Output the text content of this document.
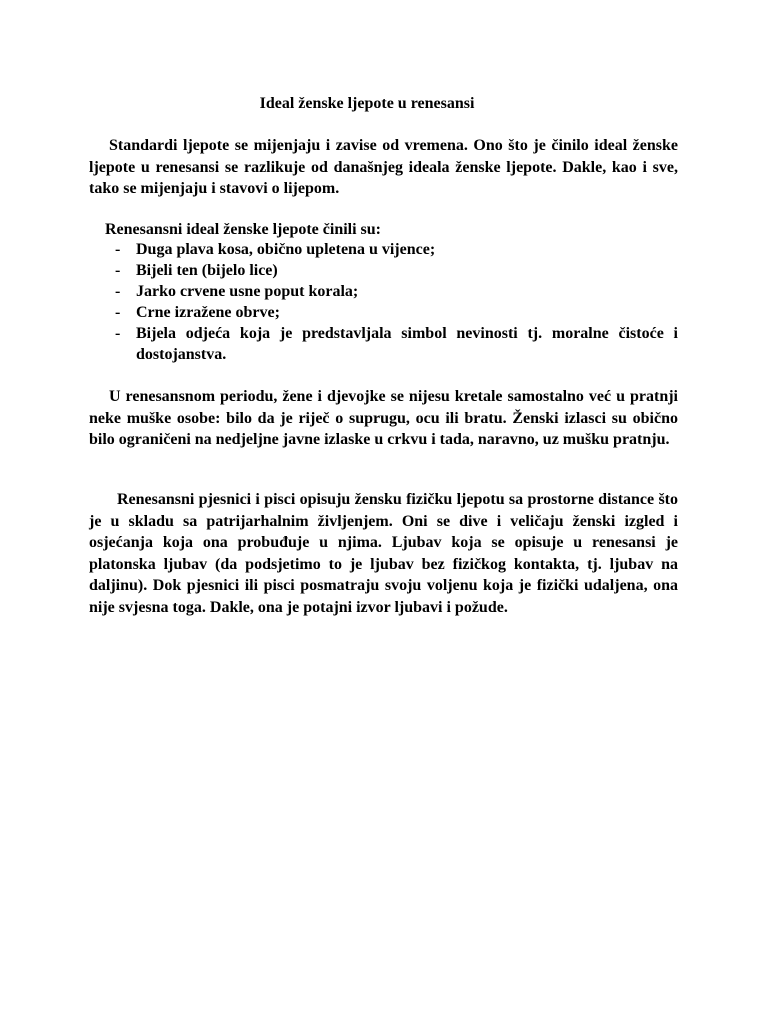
Ideal ženske ljepote u renesansi
Standardi ljepote se mijenjaju i zavise od vremena. Ono što je činilo ideal ženske ljepote u renesansi se razlikuje od današnjeg ideala ženske ljepote. Dakle, kao i sve, tako se mijenjaju i stavovi o lijepom.
Renesansni ideal ženske ljepote činili su:
- Duga plava kosa, obično upletena u vijence;
- Bijeli ten (bijelo lice)
- Jarko crvene usne poput korala;
- Crne izražene obrve;
- Bijela odjeća koja je predstavljala simbol nevinosti tj. moralne čistoće i dostojanstva.
U renesansnom periodu, žene i djevojke se nijesu kretale samostalno već u pratnji neke muške osobe: bilo da je riječ o suprugu, ocu ili bratu. Ženski izlasci su obično bilo ograničeni na nedjeljne javne izlaske u crkvu i tada, naravno, uz mušku pratnju.
Renesansni pjesnici i pisci opisuju žensku fizičku ljepotu sa prostorne distance što je u skladu sa patrijarhalnim življenjem. Oni se dive i veličaju ženski izgled i osjećanja koja ona probuđuje u njima. Ljubav koja se opisuje u renesansi je platonska ljubav (da podsjetimo to je ljubav bez fizičkog kontakta, tj. ljubav na daljinu). Dok pjesnici ili pisci posmatraju svoju voljenu koja je fizički udaljena, ona nije svjesna toga. Dakle, ona je potajni izvor ljubavi i požude.
